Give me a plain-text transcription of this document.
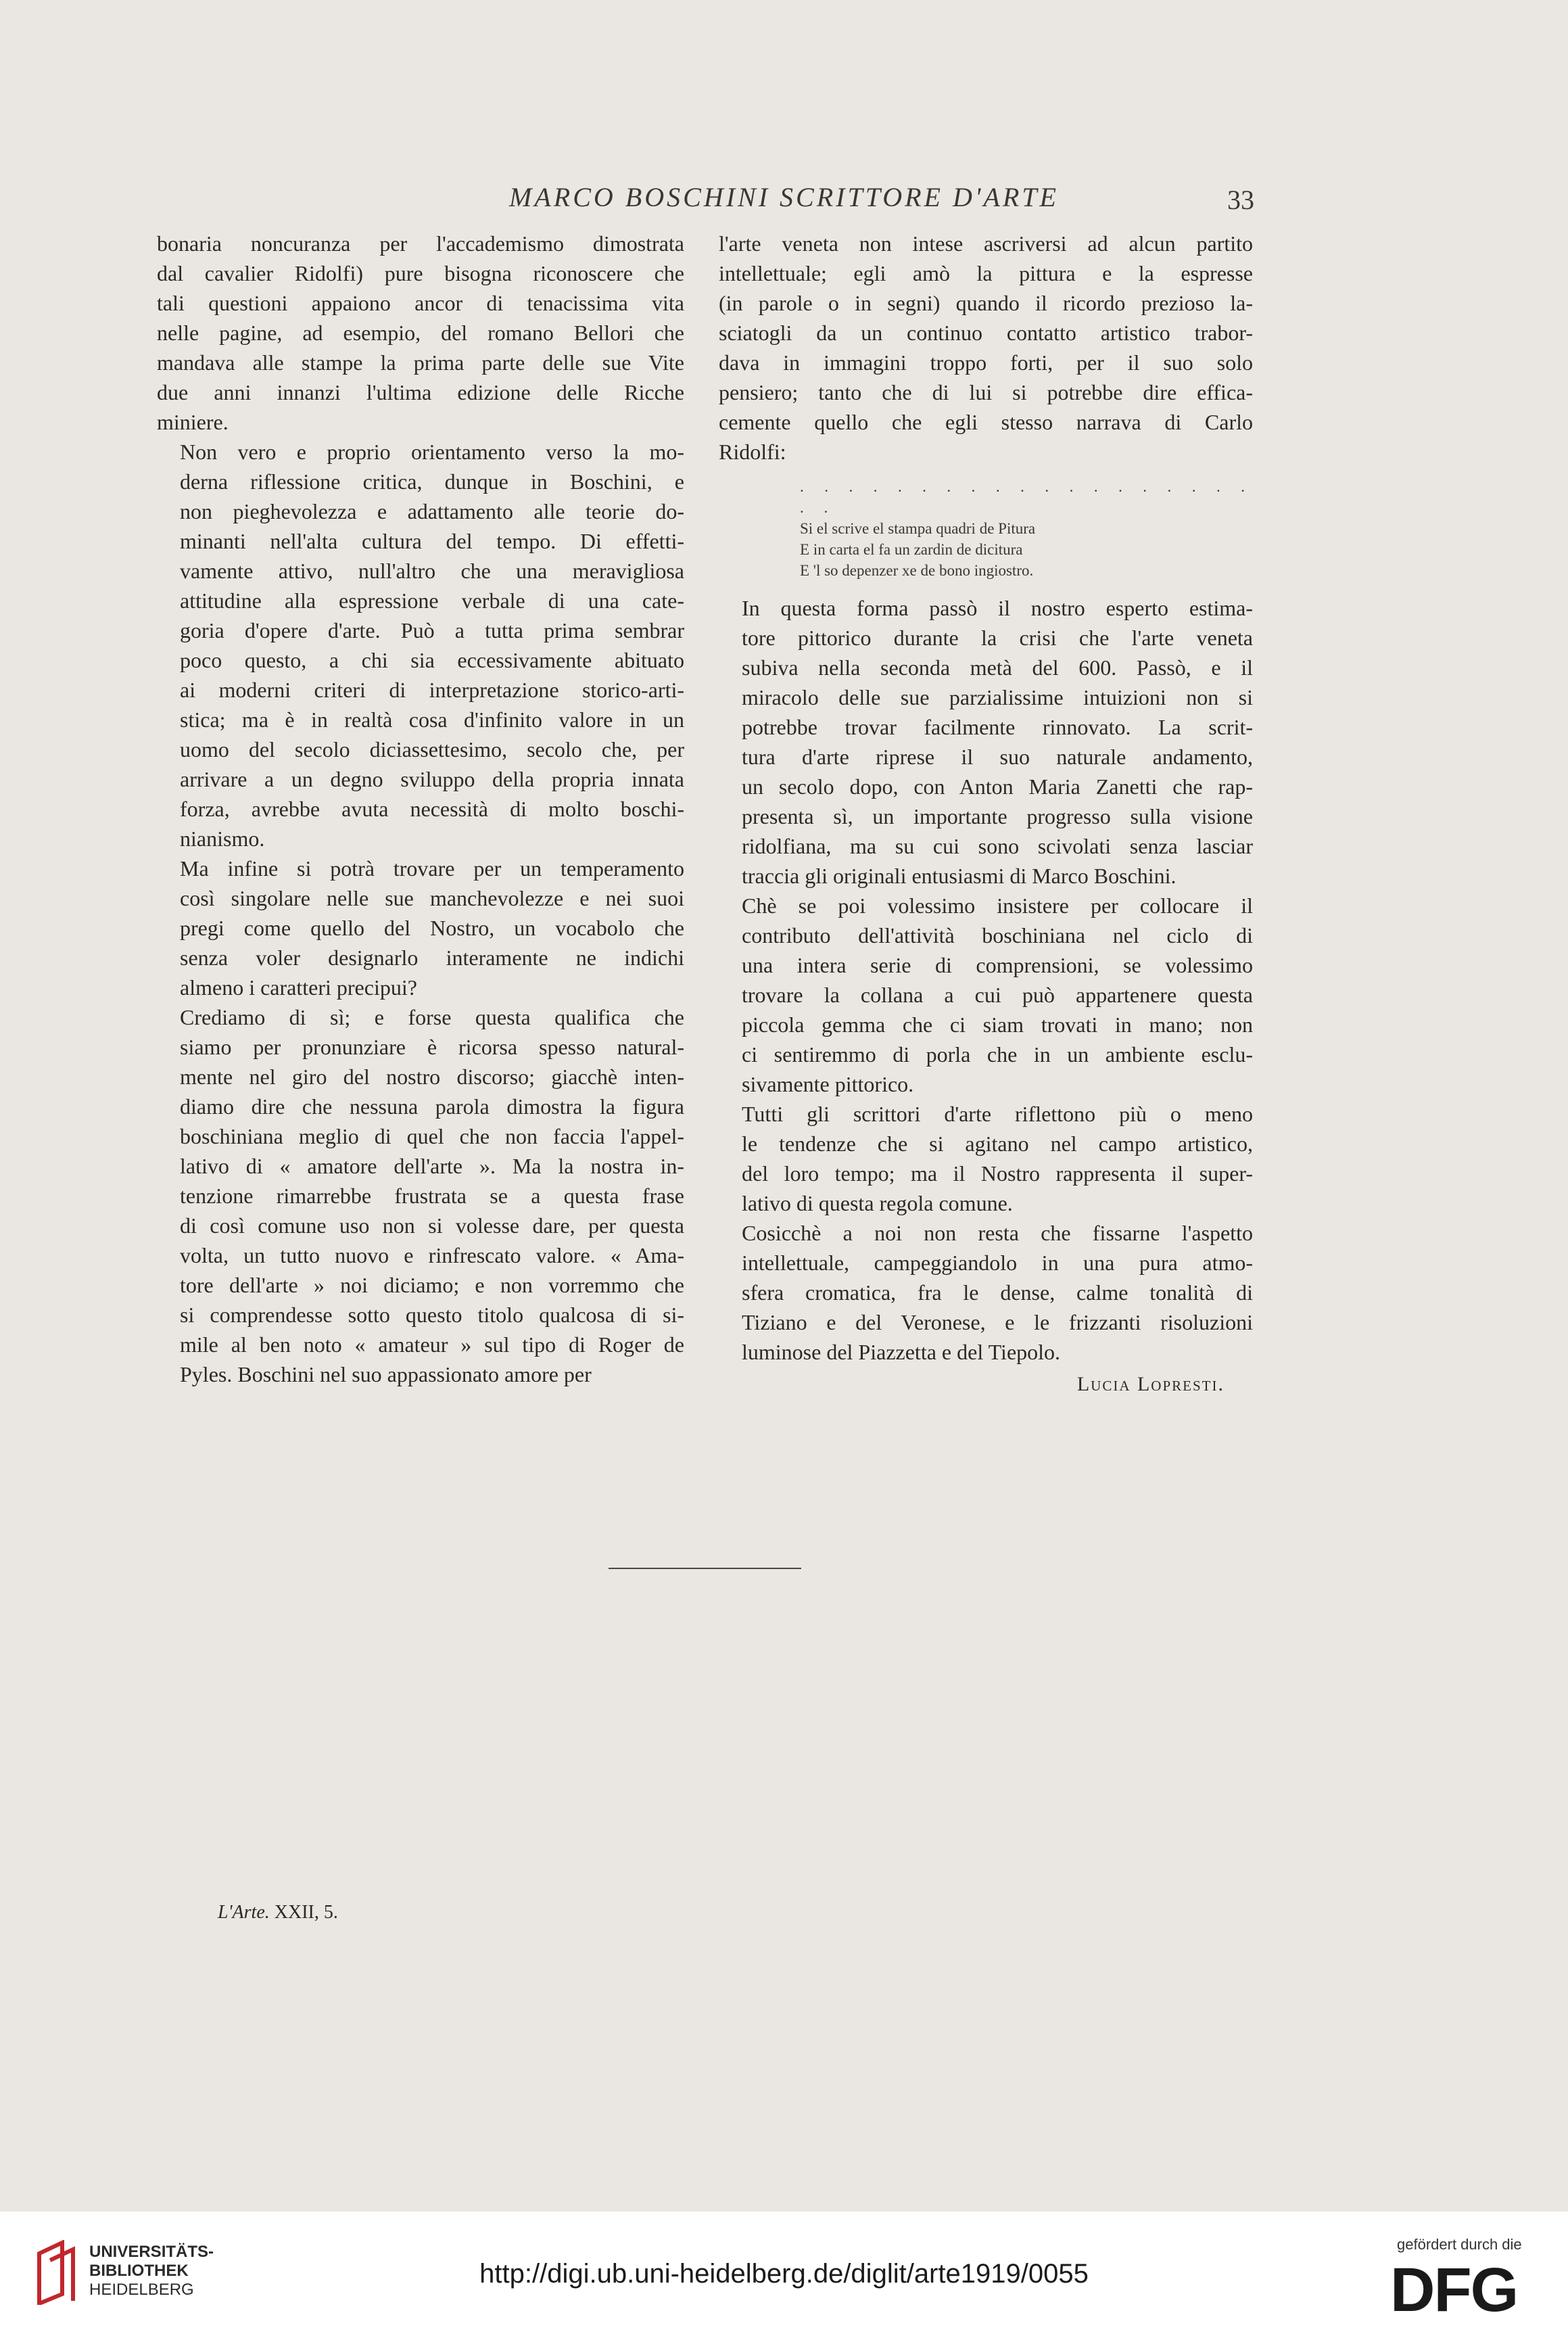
MARCO BOSCHINI SCRITTORE D'ARTE	33

bonaria noncuranza per l'accademismo dimostrata
dal cavalier Ridolfi) pure bisogna riconoscere che
tali questioni appaiono ancor di tenacissima vita
nelle pagine, ad esempio, del romano Bellori che
mandava alle stampe la prima parte delle sue Vite
due anni innanzi l'ultima edizione delle Ricche
miniere.

Non vero e proprio orientamento verso la mo-
derna riflessione critica, dunque in Boschini, e
non pieghevolezza e adattamento alle teorie do-
minanti nell'alta cultura del tempo. Di effetti-
vamente attivo, null'altro che una meravigliosa
attitudine alla espressione verbale di una cate-
goria d'opere d'arte. Può a tutta prima sembrar
poco questo, a chi sia eccessivamente abituato
ai moderni criteri di interpretazione storico-arti-
stica; ma è in realtà cosa d'infinito valore in un
uomo del secolo diciassettesimo, secolo che, per
arrivare a un degno sviluppo della propria innata
forza, avrebbe avuta necessità di molto boschi-
nianismo.

Ma infine si potrà trovare per un temperamento
così singolare nelle sue manchevolezze e nei suoi
pregi come quello del Nostro, un vocabolo che
senza voler designarlo interamente ne indichi
almeno i caratteri precipui?

Crediamo di sì; e forse questa qualifica che
siamo per pronunziare è ricorsa spesso natural-
mente nel giro del nostro discorso; giacchè inten-
diamo dire che nessuna parola dimostra la figura
boschiniana meglio di quel che non faccia l'appel-
lativo di « amatore dell'arte ». Ma la nostra in-
tenzione rimarrebbe frustrata se a questa frase
di così comune uso non si volesse dare, per questa
volta, un tutto nuovo e rinfrescato valore. « Ama-
tore dell'arte » noi diciamo; e non vorremmo che
si comprendesse sotto questo titolo qualcosa di si-
mile al ben noto « amateur » sul tipo di Roger de
Pyles. Boschini nel suo appassionato amore per

l'arte veneta non intese ascriversi ad alcun partito
intellettuale; egli amò la pittura e la espresse
(in parole o in segni) quando il ricordo prezioso la-
sciatogli da un continuo contatto artistico trabor-
dava in immagini troppo forti, per il suo solo
pensiero; tanto che di lui si potrebbe dire effica-
cemente quello che egli stesso narrava di Carlo
Ridolfi:

. . . . . . . . . . . . . . . . . . . . .
Si el scrive el stampa quadri de Pitura
E in carta el fa un zardin de dicitura
E 'l so depenzer xe de bono ingiostro.

In questa forma passò il nostro esperto estima-
tore pittorico durante la crisi che l'arte veneta
subiva nella seconda metà del 600. Passò, e il
miracolo delle sue parzialissime intuizioni non si
potrebbe trovar facilmente rinnovato. La scrit-
tura d'arte riprese il suo naturale andamento,
un secolo dopo, con Anton Maria Zanetti che rap-
presenta sì, un importante progresso sulla visione
ridolfiana, ma su cui sono scivolati senza lasciar
traccia gli originali entusiasmi di Marco Boschini.

Chè se poi volessimo insistere per collocare il
contributo dell'attività boschiniana nel ciclo di
una intera serie di comprensioni, se volessimo
trovare la collana a cui può appartenere questa
piccola gemma che ci siam trovati in mano; non
ci sentiremmo di porla che in un ambiente esclu-
sivamente pittorico.

Tutti gli scrittori d'arte riflettono più o meno
le tendenze che si agitano nel campo artistico,
del loro tempo; ma il Nostro rappresenta il super-
lativo di questa regola comune.

Cosicchè a noi non resta che fissarne l'aspetto
intellettuale, campeggiandolo in una pura atmo-
sfera cromatica, fra le dense, calme tonalità di
Tiziano e del Veronese, e le frizzanti risoluzioni
luminose del Piazzetta e del Tiepolo.

Lucia Lopresti.
L'Arte. XXII, 5.
UNIVERSITÄTS-
BIBLIOTHEK
HEIDELBERG
http://digi.ub.uni-heidelberg.de/diglit/arte1919/0055
gefördert durch die
DFG
